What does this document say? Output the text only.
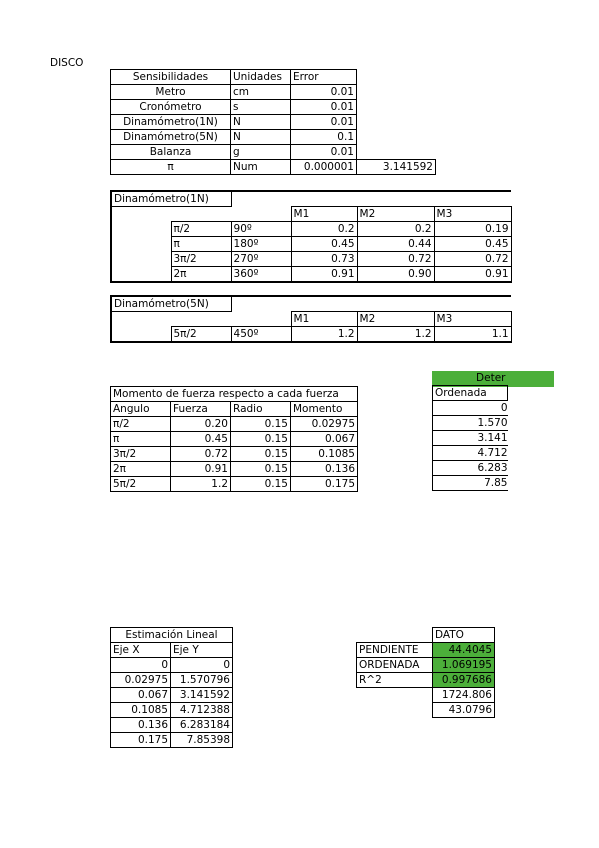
DISCO
Sensibilidades	Unidades	Error	
Metro	cm	0.01	
Cronómetro	s	0.01	
Dinamómetro(1N)	N	0.01	
Dinamómetro(5N)	N	0.1	
Balanza	g	0.01	
π	Num	0.000001	3.141592
Dinamómetro(1N)					
			M1	M2	M3
	π/2	90º	0.2	0.2	0.19
	π	180º	0.45	0.44	0.45
	3π/2	270º	0.73	0.72	0.72
	2π	360º	0.91	0.90	0.91
Dinamómetro(5N)					
			M1	M2	M3
	5π/2	450º	1.2	1.2	1.1
Deter
Ordenada
0
1.570
3.141
4.712
6.283
7.85
Momento de fuerza respecto a cada fuerza			
Angulo	Fuerza	Radio	Momento
π/2	0.20	0.15	0.02975
π	0.45	0.15	0.067
3π/2	0.72	0.15	0.1085
2π	0.91	0.15	0.136
5π/2	1.2	0.15	0.175
Estimación Lineal	
Eje X	Eje Y
0	0
0.02975	1.570796
0.067	3.141592
0.1085	4.712388
0.136	6.283184
0.175	7.85398
	DATO
PENDIENTE	44.4045
ORDENADA	1.069195
R^2	0.997686
	1724.806
	43.0796
